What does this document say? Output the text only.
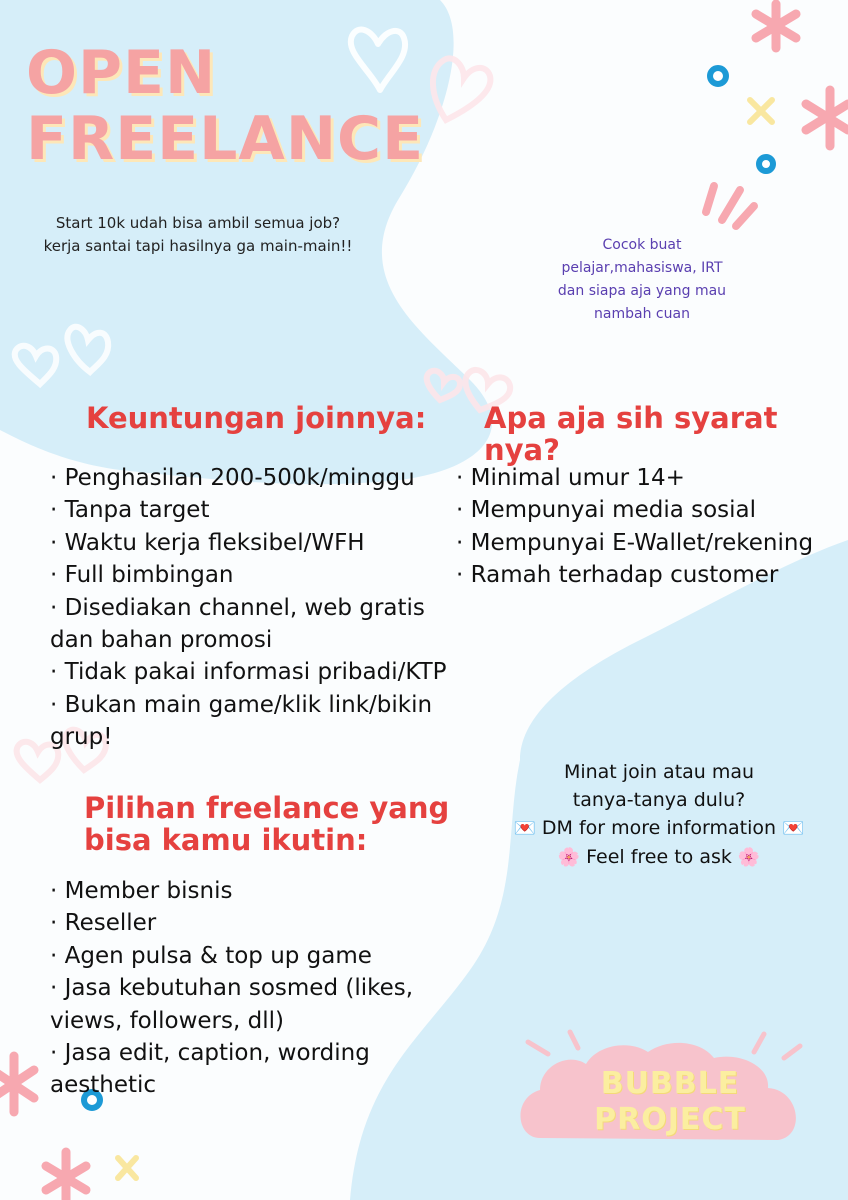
OPEN
FREELANCE
Start 10k udah bisa ambil semua job?
kerja santai tapi hasilnya ga main-main!!	Cocok buat
pelajar,mahasiswa, IRT
dan siapa aja yang mau
nambah cuan
Keuntungan joinnya:
· Penghasilan 200-500k/minggu
· Tanpa target
· Waktu kerja fleksibel/WFH
· Full bimbingan
· Disediakan channel, web gratis dan bahan promosi
· Tidak pakai informasi pribadi/KTP
· Bukan main game/klik link/bikin grup!
Apa aja sih syarat nya?
· Minimal umur 14+
· Mempunyai media sosial
· Mempunyai E-Wallet/rekening
· Ramah terhadap customer
Pilihan freelance yang
bisa kamu ikutin:
· Member bisnis
· Reseller
· Agen pulsa & top up game
· Jasa kebutuhan sosmed (likes, views, followers, dll)
· Jasa edit, caption, wording aesthetic
Minat join atau mau
tanya-tanya dulu?
💌 DM for more information 💌
🌸 Feel free to ask 🌸
BUBBLE
PROJECT
